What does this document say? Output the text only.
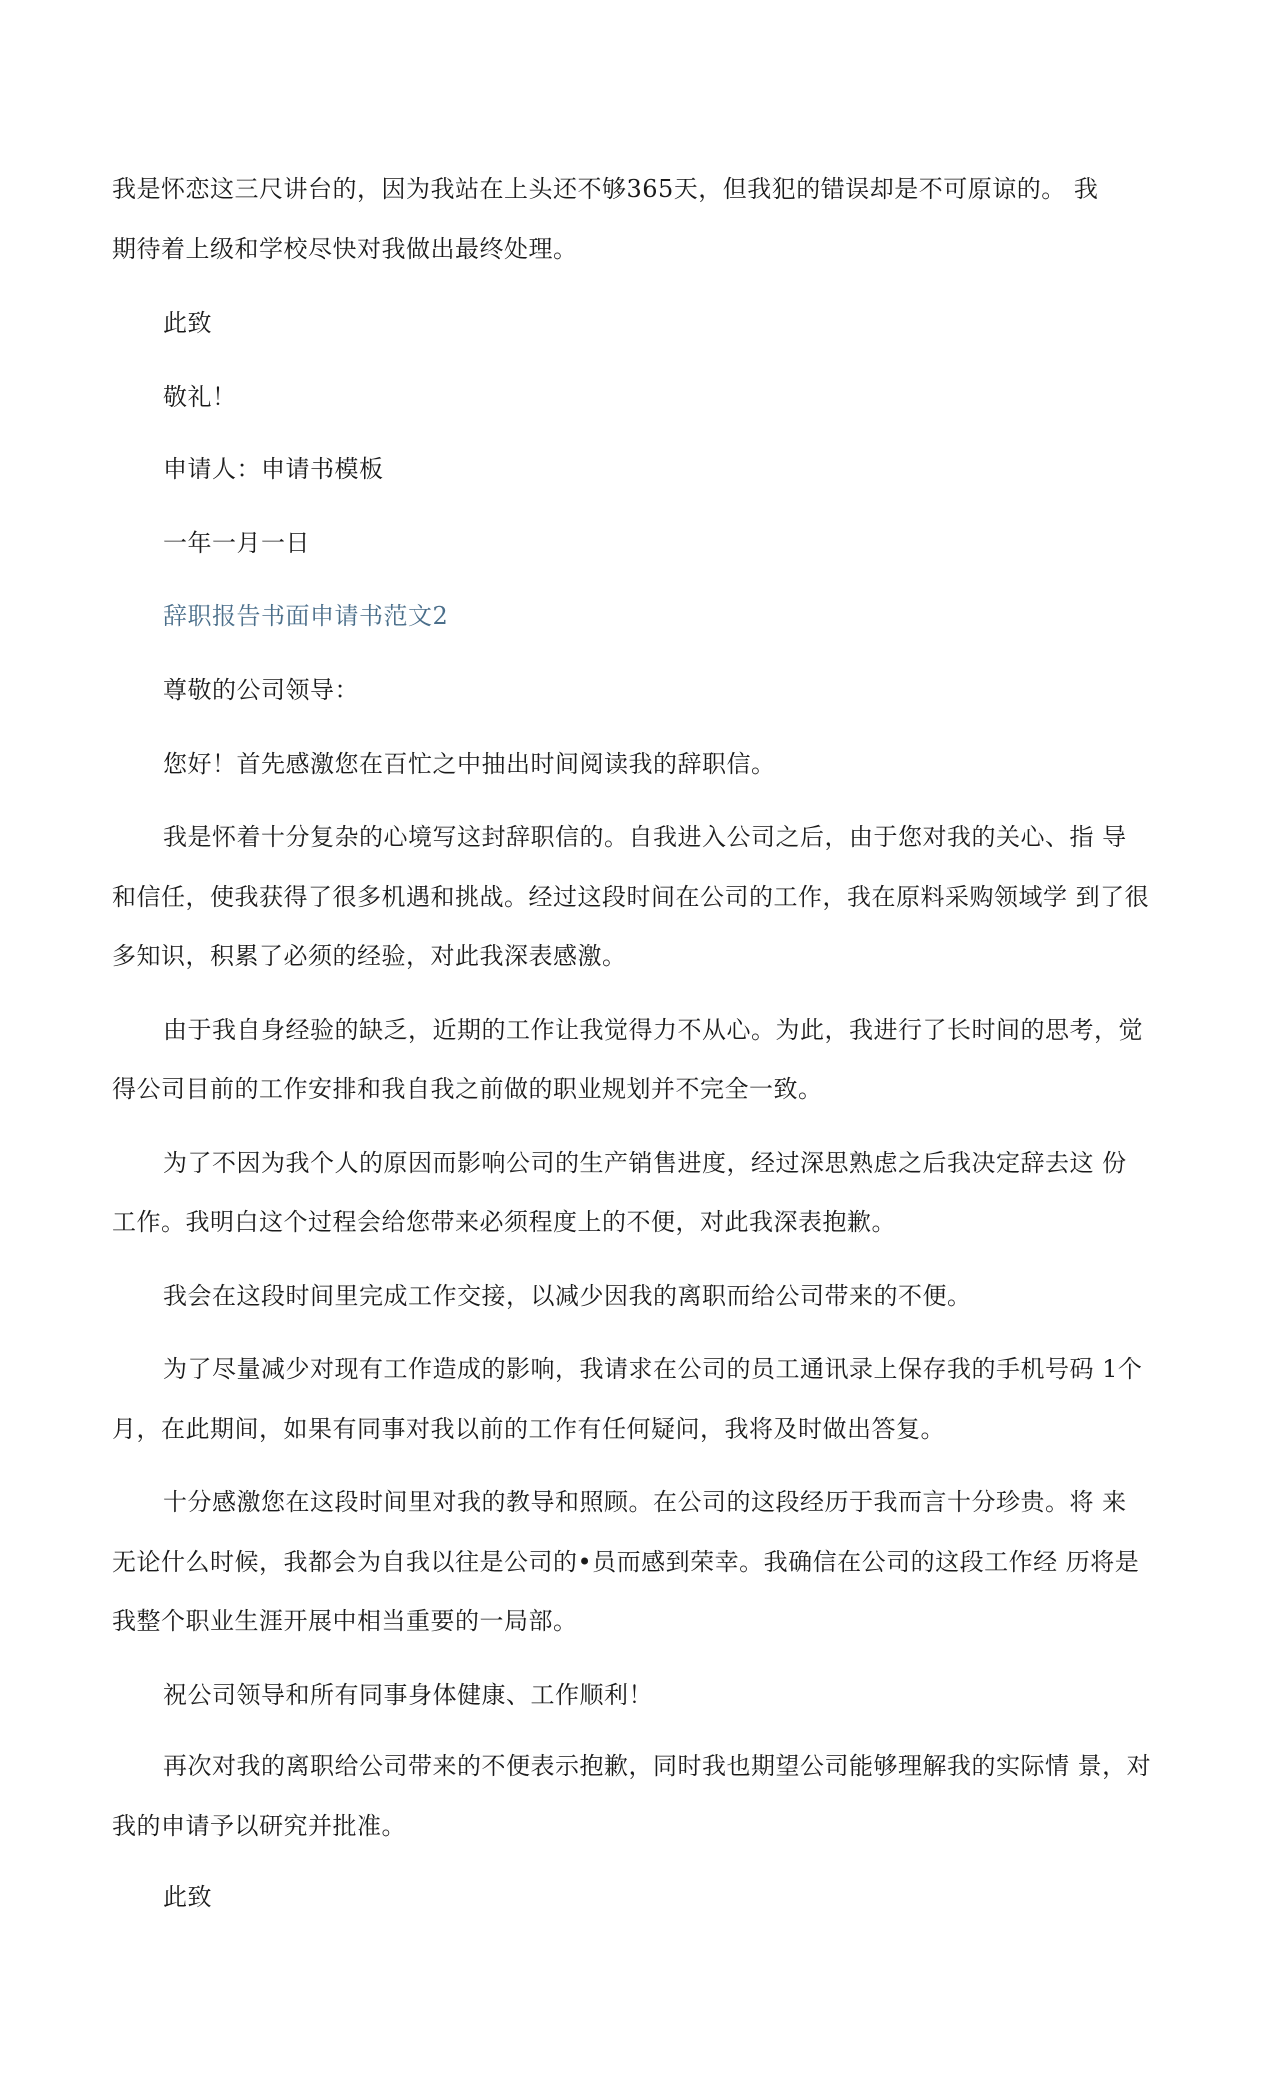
我是怀恋这三尺讲台的，因为我站在上头还不够365天，但我犯的错误却是不可原谅的。 我

期待着上级和学校尽快对我做出最终处理。

此致

敬礼！

申请人：申请书模板

一年一月一日

辞职报告书面申请书范文2

尊敬的公司领导：

您好！首先感激您在百忙之中抽出时间阅读我的辞职信。

我是怀着十分复杂的心境写这封辞职信的。自我进入公司之后，由于您对我的关心、指 导

和信任，使我获得了很多机遇和挑战。经过这段时间在公司的工作，我在原料采购领域学 到了很

多知识，积累了必须的经验，对此我深表感激。

由于我自身经验的缺乏，近期的工作让我觉得力不从心。为此，我进行了长时间的思考，觉

得公司目前的工作安排和我自我之前做的职业规划并不完全一致。

为了不因为我个人的原因而影响公司的生产销售进度，经过深思熟虑之后我决定辞去这 份

工作。我明白这个过程会给您带来必须程度上的不便，对此我深表抱歉。

我会在这段时间里完成工作交接，以减少因我的离职而给公司带来的不便。

为了尽量减少对现有工作造成的影响，我请求在公司的员工通讯录上保存我的手机号码 1个

月，在此期间，如果有同事对我以前的工作有任何疑问，我将及时做出答复。

十分感激您在这段时间里对我的教导和照顾。在公司的这段经历于我而言十分珍贵。将 来

无论什么时候，我都会为自我以往是公司的•员而感到荣幸。我确信在公司的这段工作经 历将是

我整个职业生涯开展中相当重要的一局部。

祝公司领导和所有同事身体健康、工作顺利！

再次对我的离职给公司带来的不便表示抱歉，同时我也期望公司能够理解我的实际情 景，对

我的申请予以研究并批准。

此致
